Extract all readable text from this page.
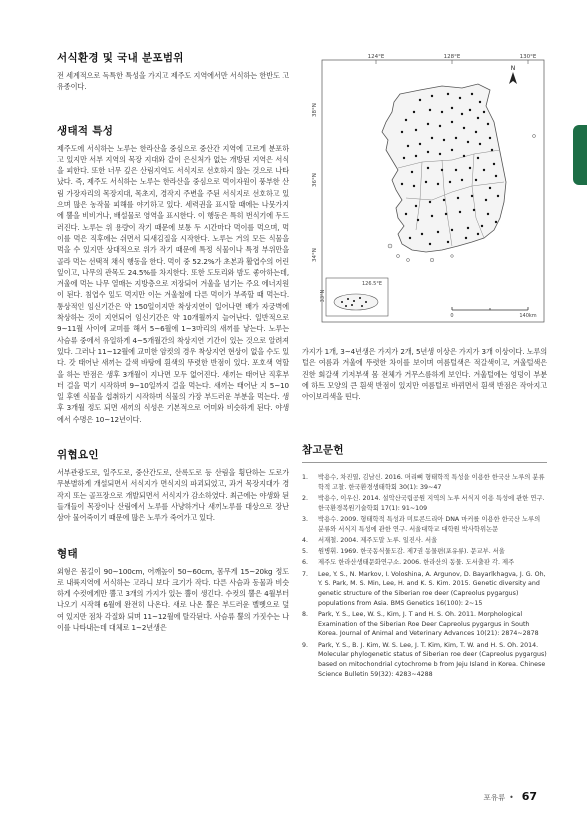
서식환경 및 국내 분포범위

전 세계적으로 독특한 특성을 가지고 제주도 지역에서만 서식하는 한반도 고유종이다.

생태적 특성

제주도에 서식하는 노루는 한라산을 중심으로 중산간 지역에 고르게 분포하고 있지만 서부 지역의 목장 지대와 같이 은신처가 없는 개방된 지역은 서식을 피한다. 또한 너무 깊은 산림지역도 서식지로 선호하지 않는 것으로 나타났다. 즉, 제주도 서식하는 노루는 한라산을 중심으로 먹이자원이 풍부한 산림 가장자리의 목장지대, 목초지, 경작지 주변을 주된 서식지로 선호하고 있으며 많은 농작물 피해를 야기하고 있다. 세력권을 표시할 때에는 나뭇가지에 뿔을 비비거나, 배설물로 영역을 표시한다. 이 행동은 특히 번식기에 두드러진다. 노루는 위 용량이 작기 때문에 보통 두 시간마다 먹이를 먹으며, 먹이를 먹은 직후에는 쉬면서 되새김질을 시작한다. 노루는 거의 모든 식물을 먹을 수 있지만 상대적으로 위가 작기 때문에 특정 식물이나 특정 부위만을 골라 먹는 선택적 채식 행동을 한다. 먹이 중 52.2%가 초본과 활엽수의 어린잎이고, 나무의 관목도 24.5%를 차지한다. 또한 도토리와 밤도 좋아하는데, 겨울에 먹는 나무 열매는 지방층으로 저장되어 겨울을 넘기는 주요 에너지원이 된다. 침엽수 잎도 먹지만 이는 겨울철에 다른 먹이가 부족할 때 먹는다. 통상적인 임신기간은 약 150일이지만 착상지연이 일어나면 배가 자궁벽에 착상하는 것이 지연되어 임신기간은 약 10개월까지 늘어난다. 일반적으로 9~11월 사이에 교미를 해서 5~6월에 1~3마리의 새끼를 낳는다. 노루는 사슴류 중에서 유일하게 4~5개월간의 착상지연 기간이 있는 것으로 알려져 있다. 그러나 11~12월에 교미한 암컷의 경우 착상지연 현상이 없을 수도 있다. 갓 태어난 새끼는 갈색 바탕에 흰색의 뚜렷한 반점이 있다. 포호색 역할을 하는 반점은 생후 3개월이 지나면 모두 없어진다. 새끼는 태어난 직후부터 걸을 먹기 시작하며 9~10일까지 걸을 먹는다. 새끼는 태어난 지 5~10일 후엔 식물을 섭취하기 시작하며 식물의 가장 부드러운 부분을 먹는다. 생후 3개월 정도 되면 새끼의 식성은 기본적으로 어미와 비슷하게 된다. 야생에서 수명은 10~12년이다.

위협요인

서부관광도로, 일주도로, 중산간도로, 산록도로 등 산림을 횡단하는 도로가 무분별하게 개설되면서 서식지가 면식지의 파괴되었고, 과거 목장지대가 경작지 또는 골프장으로 개발되면서 서식지가 감소하였다. 최근에는 야생화 된 들개들이 목장이나 산림에서 노루를 사냥하거나 새끼노루를 대상으로 장난삼아 물어죽이기 때문에 많은 노루가 죽어가고 있다.

형태

외형은 몸길이 90~100cm, 어깨높이 50~60cm, 몸무게 15~20kg 정도로 내륙지역에 서식하는 고라니 보다 크기가 작다. 다른 사슴과 동물과 비슷하게 수컷에게만 뿔고 3개의 가지가 있는 뿔이 생긴다. 수컷의 뿔은 4월부터 나오기 시작해 6월에 완전히 나온다. 새로 나온 뿔은 부드러운 벨벳으로 덮여 있지만 점차 각질화 되며 11~12월에 탈각된다. 사슴류 뿔의 가짓수는 나이를 나타내는데 대체로 1~2년생은

124°E	128°E	130°E
38°N
36°N
34°N
N
126.5°E
33°N
0	140km

가지가 1개, 3~4년생은 가지가 2개, 5년생 이상은 가지가 3개 이상이다. 노루의 털은 여름과 겨울에 뚜렷한 차이를 보이며 여름털색은 적갈색이고, 겨울털색은 진한 회갈색 기저부색 몸 전체가 거무스름하게 보인다. 겨울털에는 엉덩이 부분에 하트 모양의 큰 흰색 반점이 있지만 여름털로 바뀌면서 흰색 반점은 작아지고 아이보리색을 띤다.

참고문헌
1. 박용수, 차진열, 김남신. 2016. 머리뼈 형태학적 특성을 이용한 한국산 노루의 분류학적 고찰. 한국환경생태학회 30(1): 39~47
2. 박용수, 이우신. 2014. 설악산국립공원 지역의 노루 서식지 이용 특성에 관한 연구. 한국환경복원기술학회 17(1): 91~109
3. 박용수. 2009. 형태학적 특성과 미토콘드리아 DNA 마커를 이용한 한국산 노루의 분류와 서식지 특성에 관한 연구. 서울대학교 대학원 박사학위논문
4. 서재철. 2004. 제주도말 노루. 일진사. 서울
5. 원병휘. 1969. 한국동식물도감. 제7권 동물편(포유류). 문교부. 서울
6. 제주도 한라산생태문화연구소. 2006. 한라산의 동물. 도서출판 각. 제주
7. Lee, Y. S., N. Markov, I. Voloshina, A. Argunov, D. Bayarlkhagva, J. G. Oh, Y. S. Park, M. S. Min, Lee, H. and K. S. Kim. 2015. Genetic diversity and genetic structure of the Siberian roe deer (Capreolus pygargus) populations from Asia. BMS Genetics 16(100): 2~15
8. Park, Y. S., Lee, W. S., Kim, J. T and H. S. Oh. 2011. Morphological Examination of the Siberian Roe Deer Capreolus pygargus in South Korea. Journal of Animal and Veterinary Advances 10(21): 2874~2878
9. Park, Y. S., B. J. Kim, W. S. Lee, J. T. Kim, Kim, T. W. and H. S. Oh. 2014. Molecular phylogenetic status of Siberian roe deer (Capreolus pygargus) based on mitochondrial cytochrome b from Jeju Island in Korea. Chinese Science Bulletin 59(32): 4283~4288
포유류 • 67
